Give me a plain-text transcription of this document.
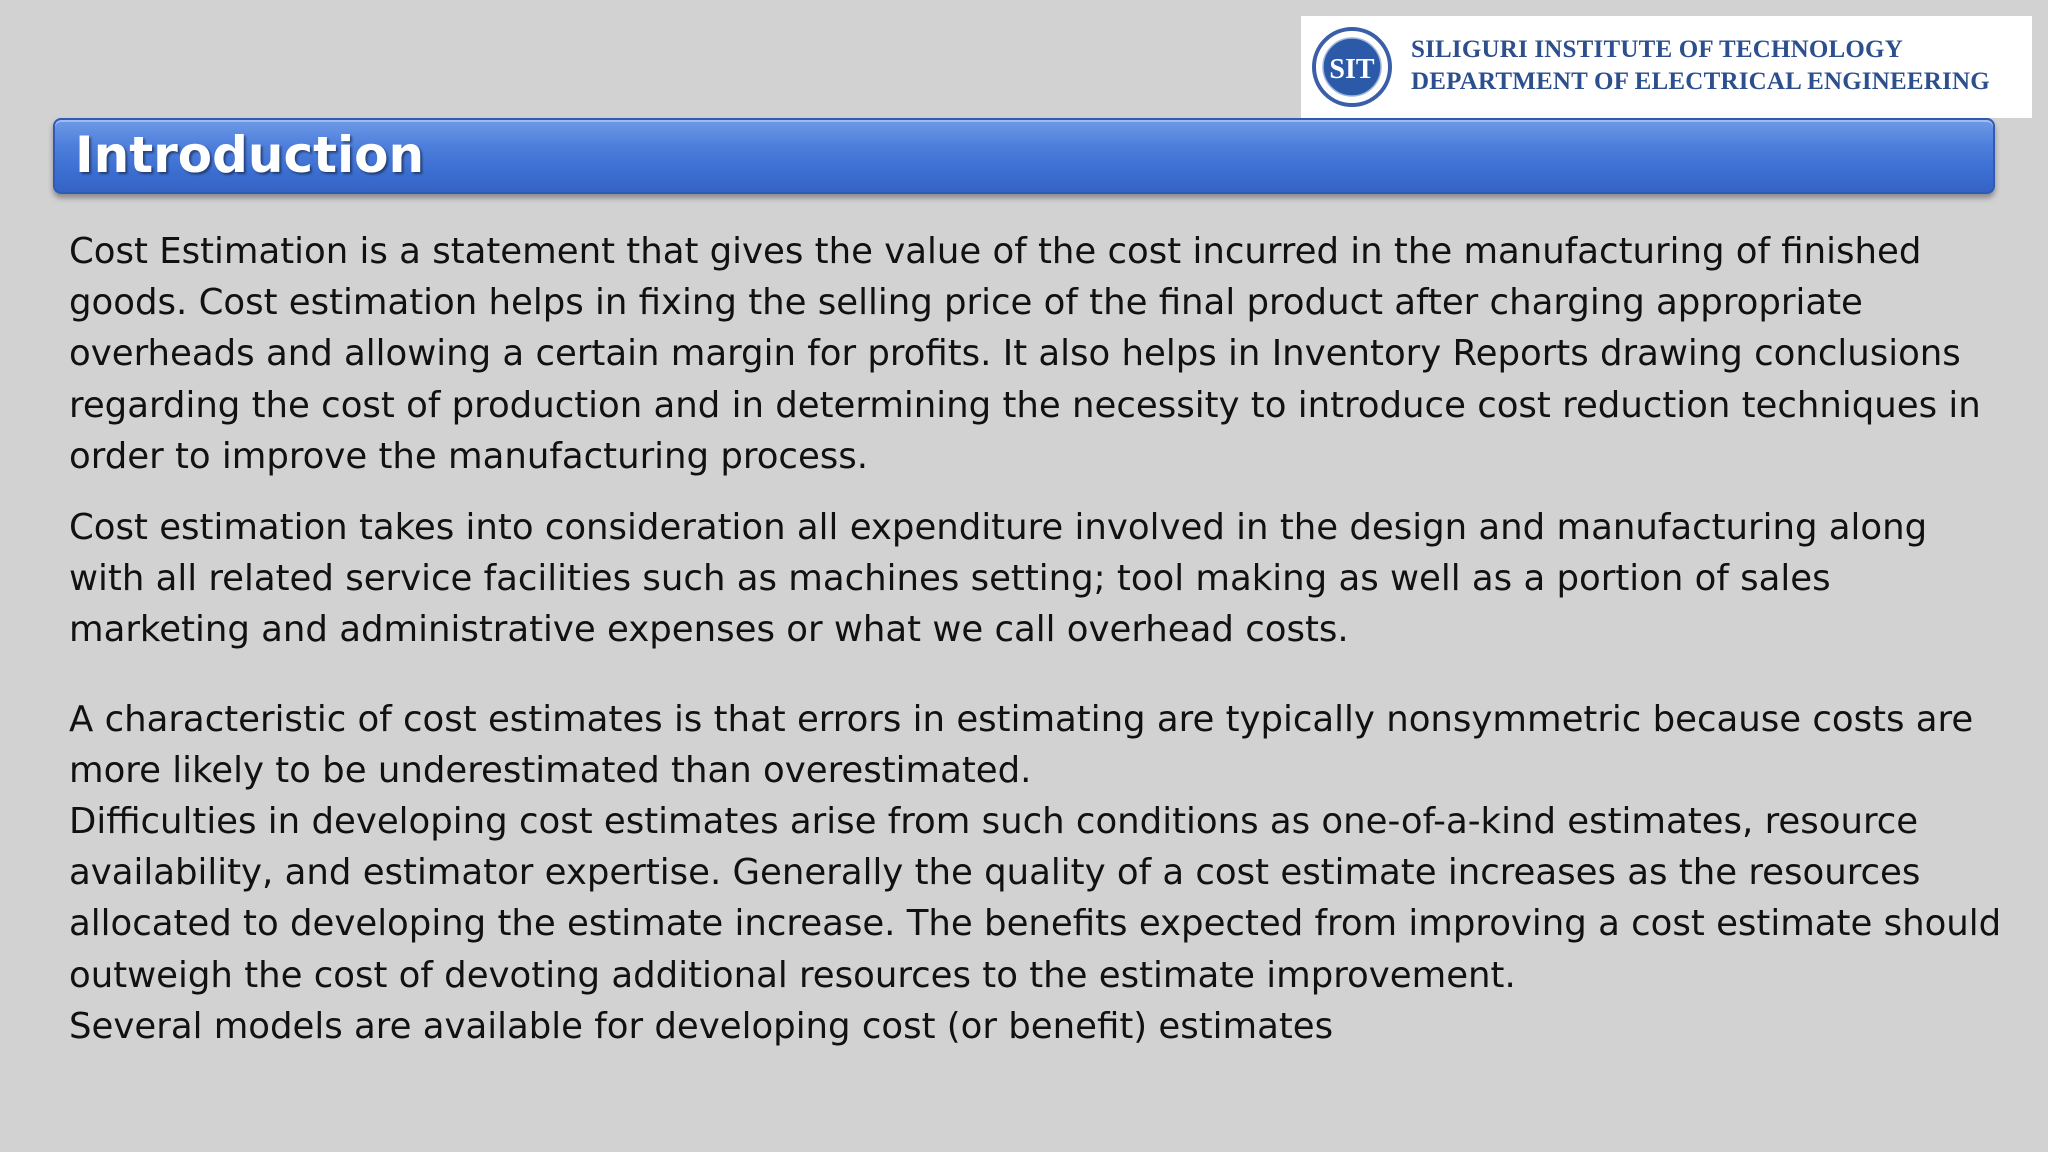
SIT
SILIGURI INSTITUTE OF TECHNOLOGY
DEPARTMENT OF ELECTRICAL ENGINEERING
Introduction

Cost Estimation is a statement that gives the value of the cost incurred in the manufacturing of finished goods. Cost estimation helps in fixing the selling price of the final product after charging appropriate overheads and allowing a certain margin for profits. It also helps in Inventory Reports drawing conclusions regarding the cost of production and in determining the necessity to introduce cost reduction techniques in order to improve the manufacturing process.

Cost estimation takes into consideration all expenditure involved in the design and manufacturing along with all related service facilities such as machines setting; tool making as well as a portion of sales marketing and administrative expenses or what we call overhead costs.

A characteristic of cost estimates is that errors in estimating are typically nonsymmetric because costs are more likely to be underestimated than overestimated.

Difficulties in developing cost estimates arise from such conditions as one-of-a-kind estimates, resource availability, and estimator expertise. Generally the quality of a cost estimate increases as the resources allocated to developing the estimate increase. The benefits expected from improving a cost estimate should outweigh the cost of devoting additional resources to the estimate improvement.

Several models are available for developing cost (or benefit) estimates
